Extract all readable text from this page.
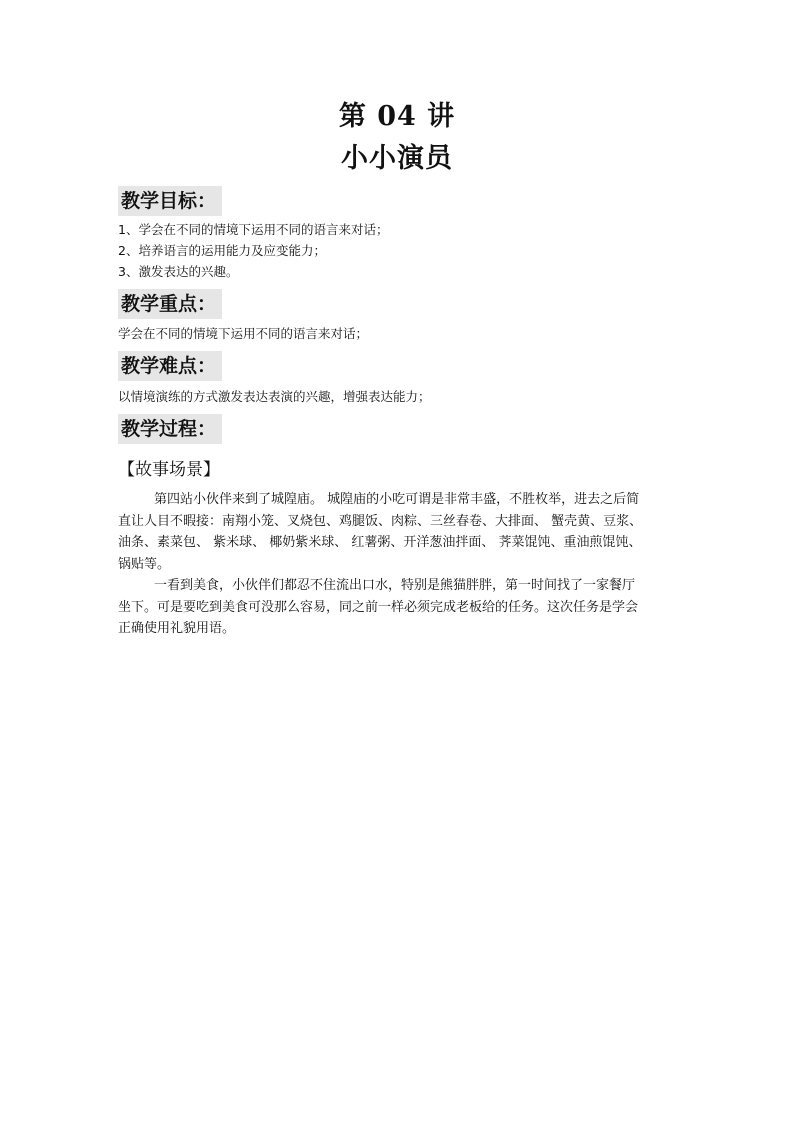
第 04 讲
小小演员
教学目标：
1、学会在不同的情境下运用不同的语言来对话；
2、培养语言的运用能力及应变能力；
3、激发表达的兴趣。
教学重点：
学会在不同的情境下运用不同的语言来对话；
教学难点：
以情境演练的方式激发表达表演的兴趣，增强表达能力；
教学过程：
【故事场景】
第四站小伙伴来到了城隍庙。 城隍庙的小吃可谓是非常丰盛，不胜枚举，进去之后简
直让人目不暇接：南翔小笼、叉烧包、鸡腿饭、肉粽、三丝春卷、大排面、 蟹壳黄、豆浆、
油条、素菜包、 紫米球、 椰奶紫米球、 红薯粥、开洋葱油拌面、 荠菜馄饨、重油煎馄饨、
锅贴等。
一看到美食，小伙伴们都忍不住流出口水，特别是熊猫胖胖，第一时间找了一家餐厅
坐下。可是要吃到美食可没那么容易，同之前一样必须完成老板给的任务。这次任务是学会
正确使用礼貌用语。
